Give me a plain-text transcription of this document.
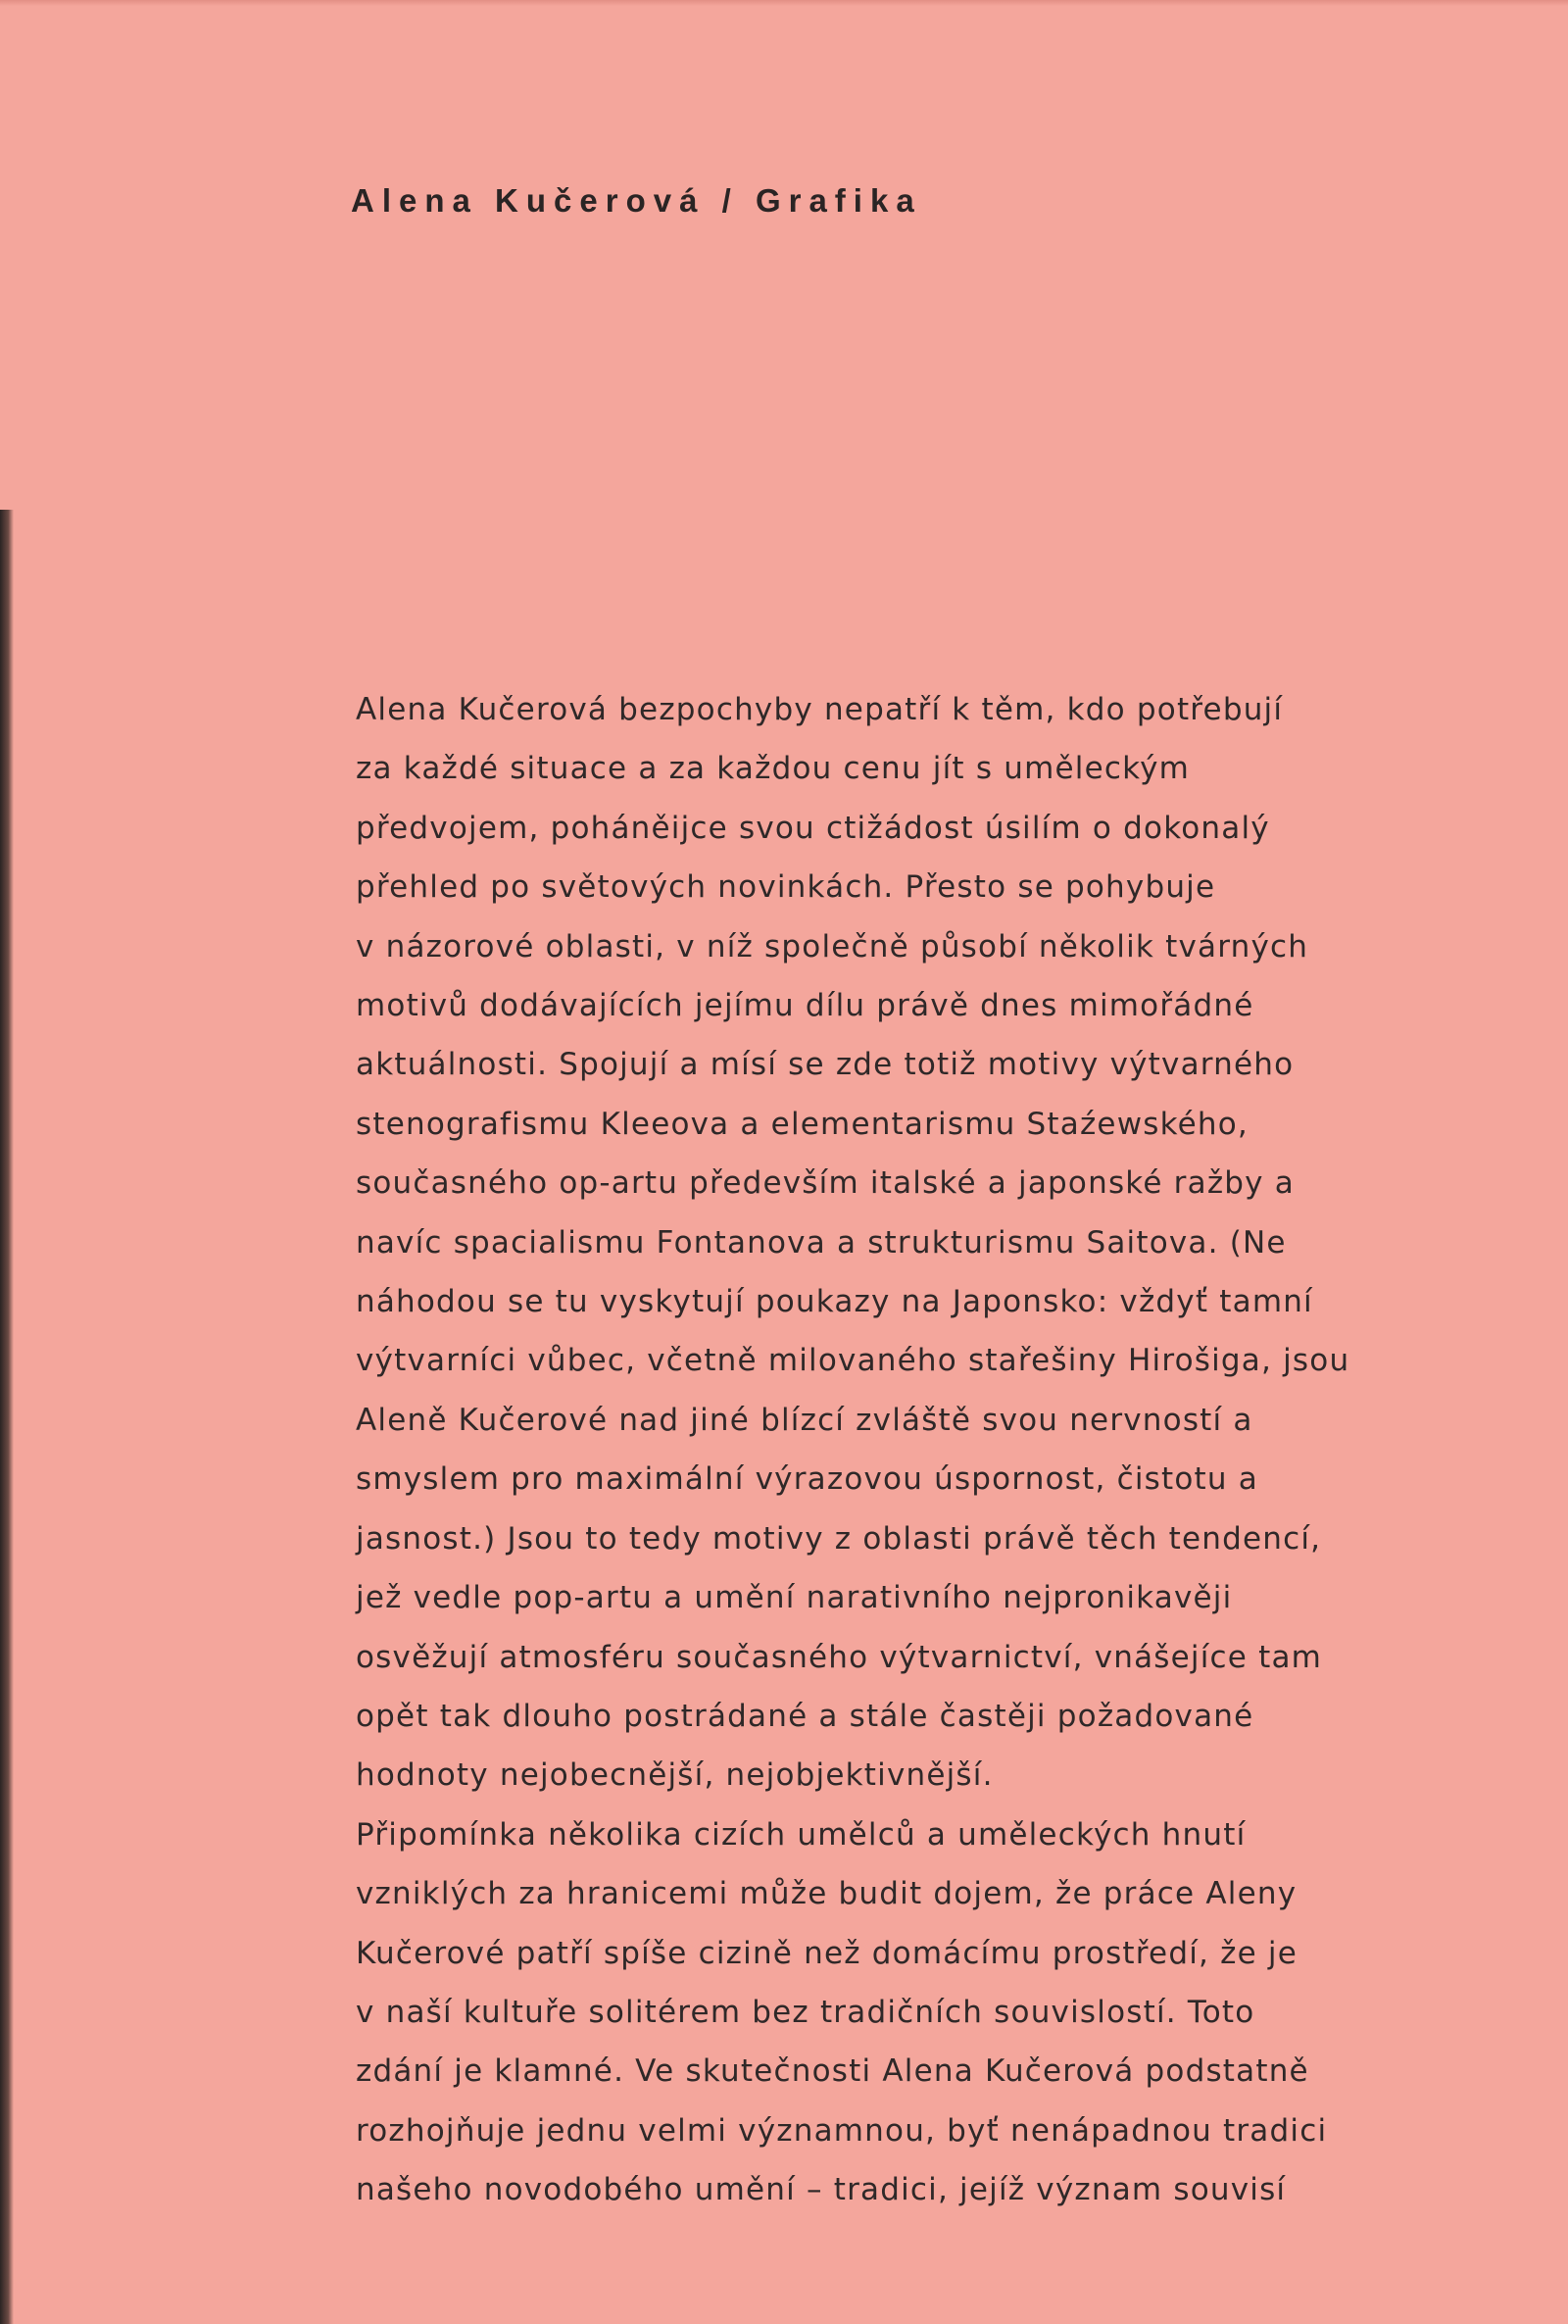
Alena Kučerová / Grafika
Alena Kučerová bezpochyby nepatří k těm, kdo potřebují
za každé situace a za každou cenu jít s uměleckým
předvojem, poháněijce svou ctižádost úsilím o dokonalý
přehled po světových novinkách. Přesto se pohybuje
v názorové oblasti, v níž společně působí několik tvárných
motivů dodávajících jejímu dílu právě dnes mimořádné
aktuálnosti. Spojují a mísí se zde totiž motivy výtvarného
stenografismu Kleeova a elementarismu Staźewského,
současného op-artu především italské a japonské ražby a
navíc spacialismu Fontanova a strukturismu Saitova. (Ne
náhodou se tu vyskytují poukazy na Japonsko: vždyť tamní
výtvarníci vůbec, včetně milovaného stařešiny Hirošiga, jsou
Aleně Kučerové nad jiné blízcí zvláště svou nervností a
smyslem pro maximální výrazovou úspornost, čistotu a
jasnost.) Jsou to tedy motivy z oblasti právě těch tendencí,
jež vedle pop-artu a umění narativního nejpronikavěji
osvěžují atmosféru současného výtvarnictví, vnášejíce tam
opět tak dlouho postrádané a stále častěji požadované
hodnoty nejobecnější, nejobjektivnější.
Připomínka několika cizích umělců a uměleckých hnutí
vzniklých za hranicemi může budit dojem, že práce Aleny
Kučerové patří spíše cizině než domácímu prostředí, že je
v naší kultuře solitérem bez tradičních souvislostí. Toto
zdání je klamné. Ve skutečnosti Alena Kučerová podstatně
rozhojňuje jednu velmi významnou, byť nenápadnou tradici
našeho novodobého umění – tradici, jejíž význam souvisí
